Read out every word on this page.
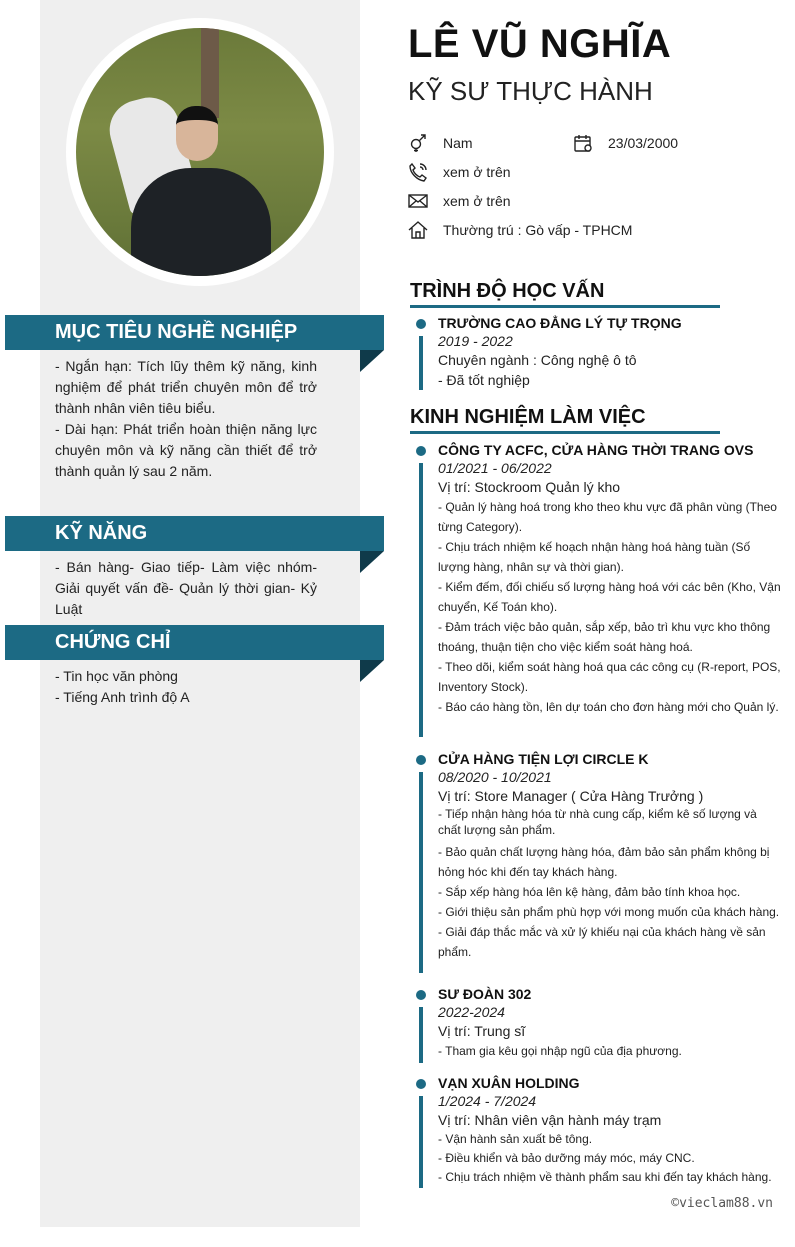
MỤC TIÊU NGHỀ NGHIỆP
- Ngắn hạn: Tích lũy thêm kỹ năng, kinh nghiệm để phát triển chuyên môn để trở thành nhân viên tiêu biểu.
- Dài hạn: Phát triển hoàn thiện năng lực chuyên môn và kỹ năng cần thiết để trở thành quản lý sau 2 năm.
KỸ NĂNG
- Bán hàng- Giao tiếp- Làm việc nhóm- Giải quyết vấn đề- Quản lý thời gian- Kỷ Luật
CHỨNG CHỈ
- Tin học văn phòng
- Tiếng Anh trình độ A
LÊ VŨ NGHĨA
KỸ SƯ THỰC HÀNH
Nam	23/03/2000
xem ở trên
xem ở trên
Thường trú : Gò vấp - TPHCM
TRÌNH ĐỘ HỌC VẤN
TRƯỜNG CAO ĐẲNG LÝ TỰ TRỌNG
2019 - 2022
Chuyên ngành : Công nghệ ô tô
- Đã tốt nghiệp
KINH NGHIỆM LÀM VIỆC
CÔNG TY ACFC, CỬA HÀNG THỜI TRANG OVS
01/2021 - 06/2022
Vị trí: Stockroom Quản lý kho
- Quản lý hàng hoá trong kho theo khu vực đã phân vùng (Theo từng Category).
- Chịu trách nhiệm kế hoạch nhận hàng hoá hàng tuần (Số lượng hàng, nhân sự và thời gian).
- Kiểm đếm, đối chiếu số lượng hàng hoá với các bên (Kho, Vận chuyển, Kế Toán kho).
- Đảm trách việc bảo quản, sắp xếp, bảo trì khu vực kho thông thoáng, thuận tiện cho việc kiểm soát hàng hoá.
- Theo dõi, kiểm soát hàng hoá qua các công cụ (R-report, POS, Inventory Stock).
- Báo cáo hàng tồn, lên dự toán cho đơn hàng mới cho Quản lý.
CỬA HÀNG TIỆN LỢI CIRCLE K
08/2020 - 10/2021
Vị trí: Store Manager ( Cửa Hàng Trưởng )
- Tiếp nhận hàng hóa từ nhà cung cấp, kiểm kê số lượng và chất lượng sản phẩm.
- Bảo quản chất lượng hàng hóa, đảm bảo sản phẩm không bị hỏng hóc khi đến tay khách hàng.
- Sắp xếp hàng hóa lên kệ hàng, đảm bảo tính khoa học.
- Giới thiệu sản phẩm phù hợp với mong muốn của khách hàng.
- Giải đáp thắc mắc và xử lý khiếu nại của khách hàng về sản phẩm.
SƯ ĐOÀN 302
2022-2024
Vị trí: Trung sĩ
- Tham gia kêu gọi nhập ngũ của địa phương.
VẠN XUÂN HOLDING
1/2024 - 7/2024
Vị trí: Nhân viên vận hành máy trạm
- Vận hành sản xuất bê tông.
- Điều khiển và bảo dưỡng máy móc, máy CNC.
- Chịu trách nhiệm về thành phẩm sau khi đến tay khách hàng.
©vieclam88.vn
